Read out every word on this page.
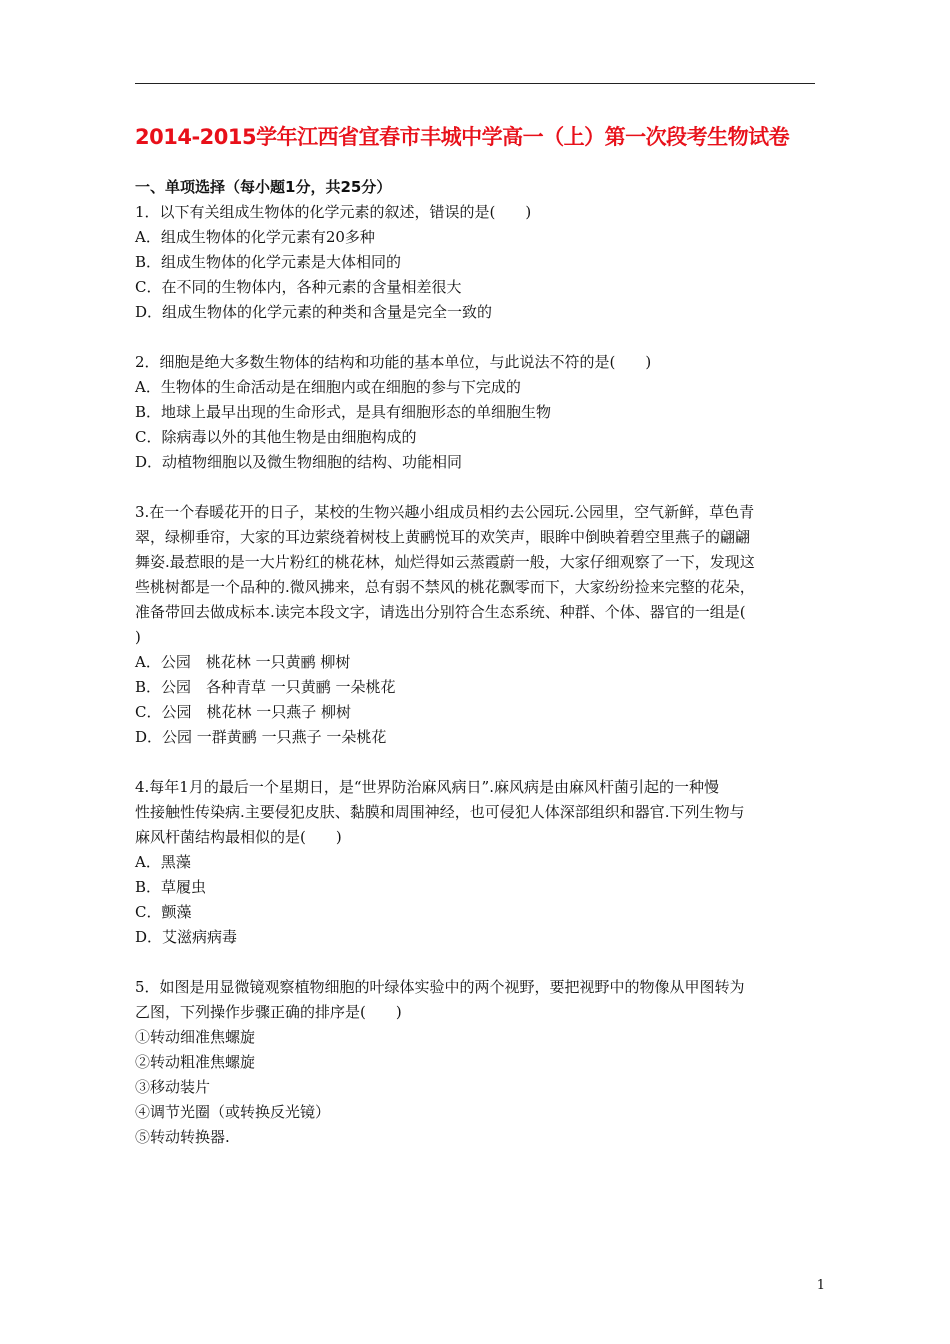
2014-2015学年江西省宜春市丰城中学高一（上）第一次段考生物试卷
一、单项选择（每小题1分，共25分）
1．以下有关组成生物体的化学元素的叙述，错误的是(　　)
A．组成生物体的化学元素有20多种
B．组成生物体的化学元素是大体相同的
C．在不同的生物体内，各种元素的含量相差很大
D．组成生物体的化学元素的种类和含量是完全一致的
2．细胞是绝大多数生物体的结构和功能的基本单位，与此说法不符的是(　　)
A．生物体的生命活动是在细胞内或在细胞的参与下完成的
B．地球上最早出现的生命形式，是具有细胞形态的单细胞生物
C．除病毒以外的其他生物是由细胞构成的
D．动植物细胞以及微生物细胞的结构、功能相同
3.在一个春暖花开的日子，某校的生物兴趣小组成员相约去公园玩.公园里，空气新鲜，草色青
翠，绿柳垂帘，大家的耳边萦绕着树枝上黄鹂悦耳的欢笑声，眼眸中倒映着碧空里燕子的翩翩
舞姿.最惹眼的是一大片粉红的桃花林，灿烂得如云蒸霞蔚一般，大家仔细观察了一下，发现这
些桃树都是一个品种的.微风拂来，总有弱不禁风的桃花飘零而下，大家纷纷捡来完整的花朵，
准备带回去做成标本.读完本段文字，请选出分别符合生态系统、种群、个体、器官的一组是(
)
A．公园　桃花林 一只黄鹂 柳树
B．公园　各种青草 一只黄鹂 一朵桃花
C．公园　桃花林 一只燕子 柳树
D．公园 一群黄鹂 一只燕子 一朵桃花
4.每年1月的最后一个星期日，是“世界防治麻风病日”.麻风病是由麻风杆菌引起的一种慢
性接触性传染病.主要侵犯皮肤、黏膜和周围神经，也可侵犯人体深部组织和器官.下列生物与
麻风杆菌结构最相似的是(　　)
A．黑藻
B．草履虫
C．颤藻
D．艾滋病病毒
5．如图是用显微镜观察植物细胞的叶绿体实验中的两个视野，要把视野中的物像从甲图转为
乙图，下列操作步骤正确的排序是(　　)
①转动细准焦螺旋
②转动粗准焦螺旋
③移动装片
④调节光圈（或转换反光镜）
⑤转动转换器.
1
